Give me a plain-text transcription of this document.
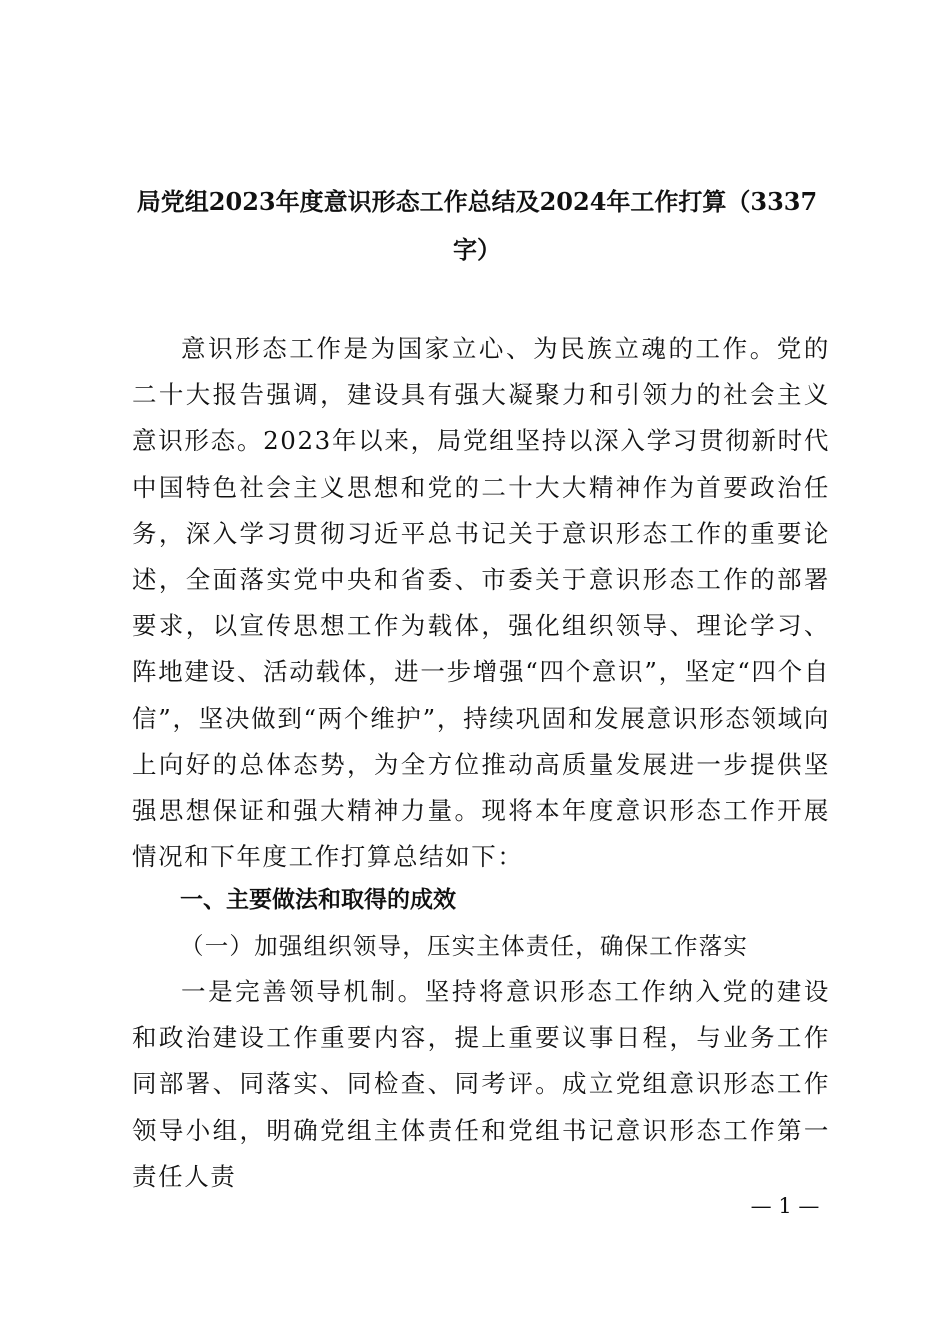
局党组2023年度意识形态工作总结及2024年工作打算（3337字）

意识形态工作是为国家立心、为民族立魂的工作。党的二十大报告强调，建设具有强大凝聚力和引领力的社会主义意识形态。2023年以来，局党组坚持以深入学习贯彻新时代中国特色社会主义思想和党的二十大大精神作为首要政治任务，深入学习贯彻习近平总书记关于意识形态工作的重要论述，全面落实党中央和省委、市委关于意识形态工作的部署要求，以宣传思想工作为载体，强化组织领导、理论学习、阵地建设、活动载体，进一步增强“四个意识”，坚定“四个自信”，坚决做到“两个维护”，持续巩固和发展意识形态领域向上向好的总体态势，为全方位推动高质量发展进一步提供坚强思想保证和强大精神力量。现将本年度意识形态工作开展情况和下年度工作打算总结如下：

一、主要做法和取得的成效

（一）加强组织领导，压实主体责任，确保工作落实

一是完善领导机制。坚持将意识形态工作纳入党的建设和政治建设工作重要内容，提上重要议事日程，与业务工作同部署、同落实、同检查、同考评。成立党组意识形态工作领导小组，明确党组主体责任和党组书记意识形态工作第一责任人责

— 1 —
